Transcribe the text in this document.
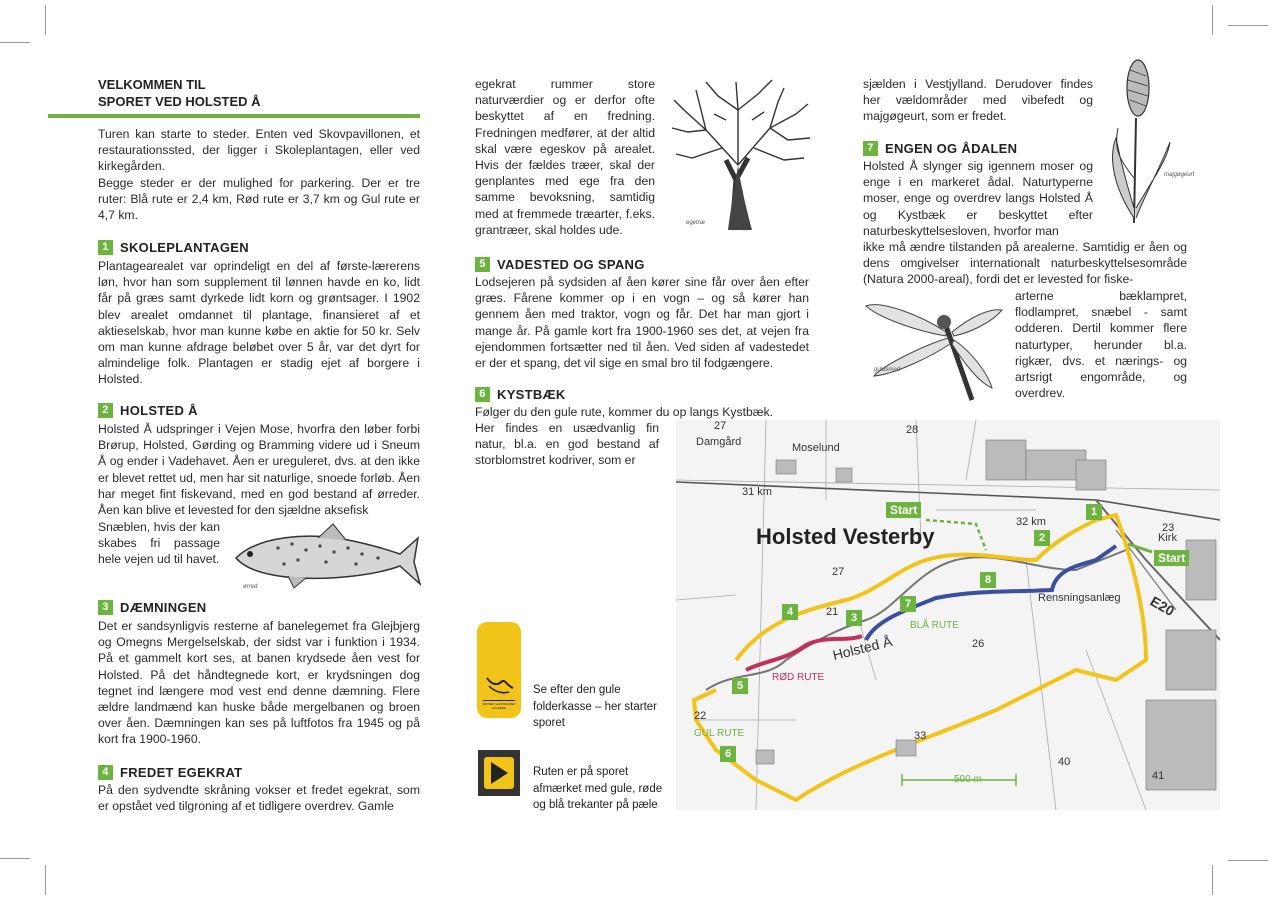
VELKOMMEN TIL
SPORET VED HOLSTED Å

Turen kan starte to steder. Enten ved Skovpavillonen, et restaurationssted, der ligger i Skoleplantagen, eller ved kirkegården.

Begge steder er der mulighed for parkering. Der er tre ruter: Blå rute er 2,4 km, Rød rute er 3,7 km og Gul rute er 4,7 km.

1 SKOLEPLANTAGEN

Plantagearealet var oprindeligt en del af første-lærerens løn, hvor han som supplement til lønnen havde en ko, lidt får på græs samt dyrkede lidt korn og grøntsager. I 1902 blev arealet omdannet til plantage, finansieret af et aktieselskab, hvor man kunne købe en aktie for 50 kr. Selv om man kunne afdrage beløbet over 5 år, var det dyrt for almindelige folk. Plantagen er stadig ejet af borgere i Holsted.

2 HOLSTED Å

Holsted Å udspringer i Vejen Mose, hvorfra den løber forbi Brørup, Holsted, Gørding og Bramming videre ud i Sneum Å og ender i Vadehavet. Åen er ureguleret, dvs. at den ikke er blevet rettet ud, men har sit naturlige, snoede forløb. Åen har meget fint fiskevand, med en god bestand af ørreder. Åen kan blive et levested for den sjældne aksefisk

Snæblen, hvis der kan skabes fri passage hele vejen ud til havet.

ørred
3 DÆMNINGEN

Det er sandsynligvis resterne af banelegemet fra Glejbjerg og Omegns Mergelselskab, der sidst var i funktion i 1934. På et gammelt kort ses, at banen krydsede åen vest for Holsted. På det håndtegnede kort, er krydsningen dog tegnet ind længere mod vest end denne dæmning. Flere ældre landmænd kan huske både mergelbanen og broen over åen. Dæmningen kan ses på luftfotos fra 1945 og på kort fra 1900-1960.

4 FREDET EGEKRAT

På den sydvendte skråning vokser et fredet egekrat, som er opstået ved tilgroning af et tidligere overdrev. Gamle

egekrat rummer store naturværdier og er derfor ofte beskyttet af en fredning. Fredningen medfører, at der altid skal være egeskov på arealet. Hvis der fældes træer, skal der genplantes med ege fra den samme bevoksning, samtidig med at fremmede træarter, f.eks. grantræer, skal holdes ude.	egetræ
5 VADESTED OG SPANG

Lodsejeren på sydsiden af åen kører sine får over åen efter græs. Fårene kommer op i en vogn – og så kører han gennem åen med traktor, vogn og får. Det har man gjort i mange år. På gamle kort fra 1900-1960 ses det, at vejen fra ejendommen fortsætter ned til åen. Ved siden af vadestedet er der et spang, det vil sige en smal bro til fodgængere.

6 KYSTBÆK

Følger du den gule rute, kommer du op langs Kystbæk.

Her findes en usædvanlig fin natur, bl.a. en god bestand af storblomstret kodriver, som er

SPORET LANDSKABET FOLDERE
Se efter den gule folderkasse – her starter sporet
Ruten er på sporet afmærket med gule, røde og blå trekanter på pæle

sjælden i Vestjylland. Derudover findes her vældområder med vibefedt og majgøgeurt, som er fredet.

majgøgeurt
7 ENGEN OG ÅDALEN

Holsted Å slynger sig igennem moser og enge i en markeret ådal. Naturtyperne moser, enge og overdrev langs Holsted Å og Kystbæk er beskyttet efter naturbeskyttelsesloven, hvorfor man

ikke må ændre tilstanden på arealerne. Samtidig er åen og dens omgivelser internationalt naturbeskyttelsesområde (Natura 2000-areal), fordi det er levested for fiske-

arterne bæklampret, flodlampret, snæbel - samt odderen. Dertil kommer flere naturtyper, herunder bl.a. rigkær, dvs. et nærings- og artsrigt engområde, og overdrev.

guldsmed
Damgård	Moselund
31 km
32 km
Holsted Vesterby
Holsted Å
Rensningsanlæg E20
Kirk
27	28
27
21
26
22
33
23
40
41
BLÅ RUTE
RØD RUTE
GUL RUTE
500 m
Start
Start
1
2
3
4
5
6
7
8
